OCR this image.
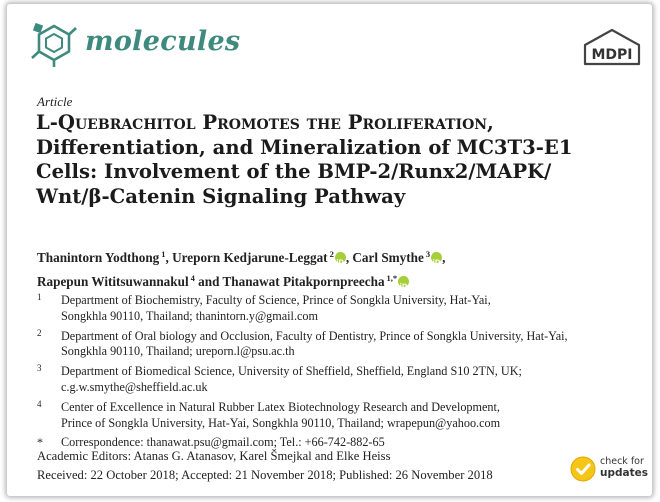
molecules	MDPI
Article
L-Quebrachitol Promotes the Proliferation,
Differentiation, and Mineralization of MC3T3-E1
Cells: Involvement of the BMP-2/Runx2/MAPK/
Wnt/β-Catenin Signaling Pathway
Thanintorn Yodthong $^1$, Ureporn Kedjarune-Leggat $^2$ iD , Carl Smythe $^3$ iD ,
Rapepun Wititsuwannakul $^4$ and Thanawat Pitakpornpreecha $^{1,*}$iD
1 Department of Biochemistry, Faculty of Science, Prince of Songkla University, Hat-Yai,
Songkhla 90110, Thailand; thanintorn.y@gmail.com
2 Department of Oral biology and Occlusion, Faculty of Dentistry, Prince of Songkla University, Hat-Yai,
Songkhla 90110, Thailand; ureporn.l@psu.ac.th
3 Department of Biomedical Science, University of Sheffield, Sheffield, England S10 2TN, UK;
c.g.w.smythe@sheffield.ac.uk
4 Center of Excellence in Natural Rubber Latex Biotechnology Research and Development,
Prince of Songkla University, Hat-Yai, Songkhla 90110, Thailand; wrapepun@yahoo.com
* Correspondence: thanawat.psu@gmail.com; Tel.: +66-742-882-65
Academic Editors: Atanas G. Atanasov, Karel Šmejkal and Elke Heiss
Received: 22 October 2018; Accepted: 21 November 2018; Published: 26 November 2018
check for
updates
